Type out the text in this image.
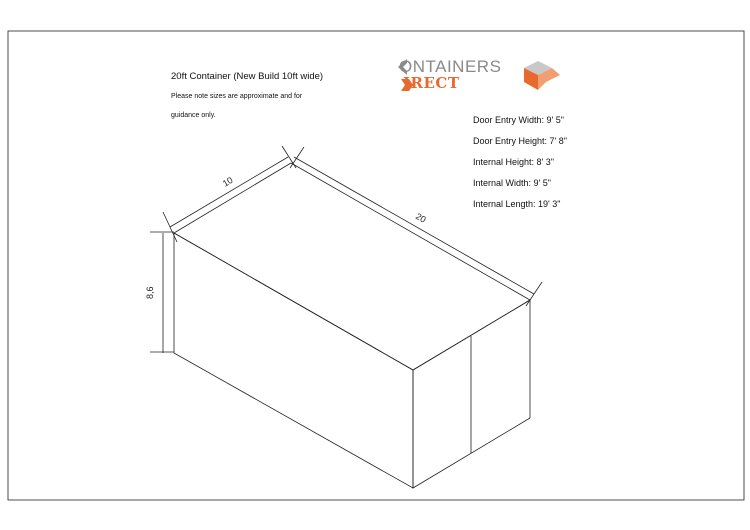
10
20
8,6
20ft Container (New Build 10ft wide)
Please note sizes are approximate and for
guidance only.
ONTAINERS
IRECT
Door Entry Width: 9' 5"
Door Entry Height: 7' 8"
Internal Height: 8' 3"
Internal Width: 9' 5"
Internal Length: 19' 3"
